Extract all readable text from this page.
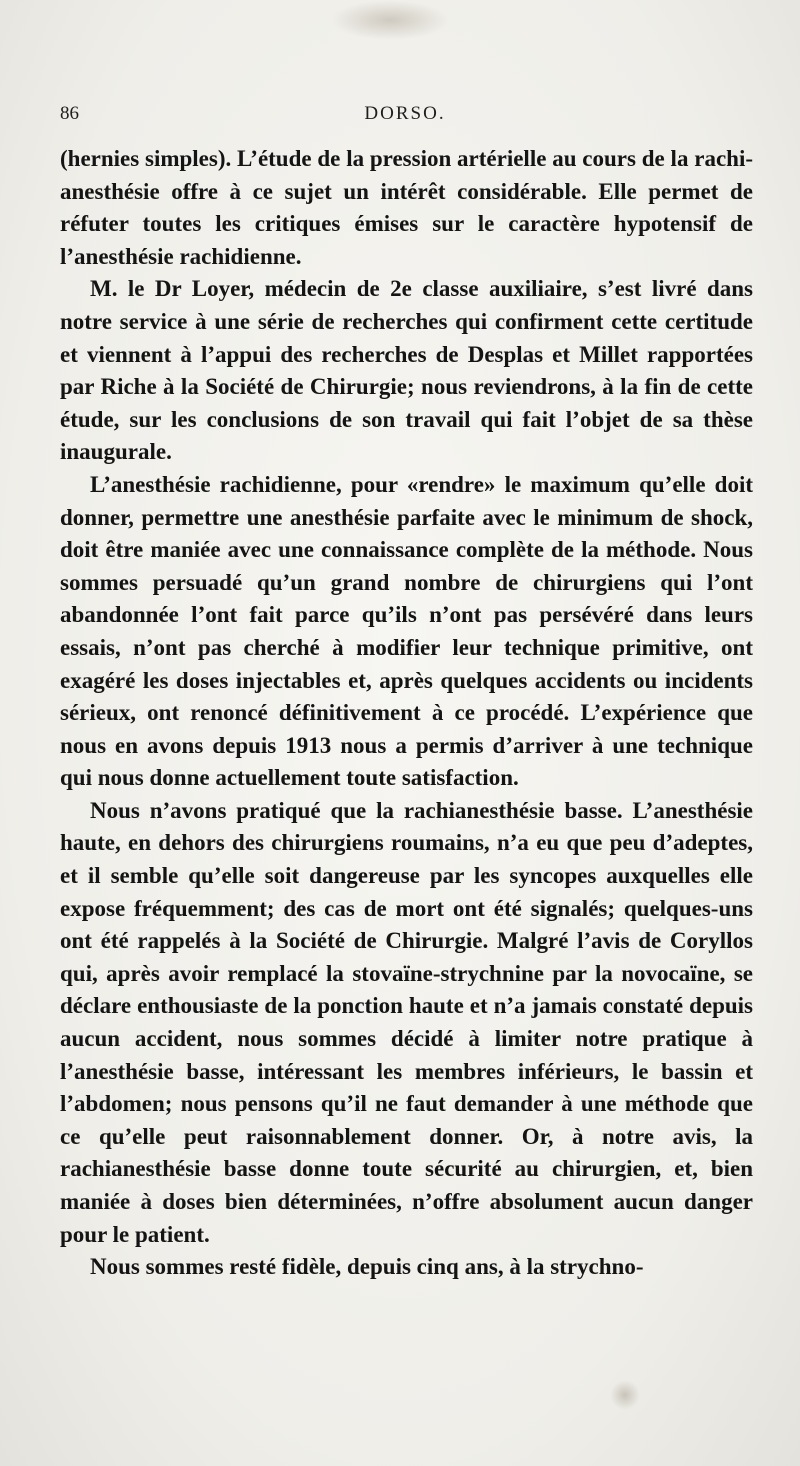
86	DORSO.

(hernies simples). L’étude de la pression artérielle au cours de la rachi-anesthésie offre à ce sujet un intérêt considérable. Elle permet de réfuter toutes les critiques émises sur le caractère hypotensif de l’anesthésie rachidienne.

M. le Dr Loyer, médecin de 2e classe auxiliaire, s’est livré dans notre service à une série de recherches qui confirment cette certitude et viennent à l’appui des recherches de Desplas et Millet rapportées par Riche à la Société de Chirurgie; nous reviendrons, à la fin de cette étude, sur les conclusions de son travail qui fait l’objet de sa thèse inaugurale.

L’anesthésie rachidienne, pour «rendre» le maximum qu’elle doit donner, permettre une anesthésie parfaite avec le minimum de shock, doit être maniée avec une connaissance complète de la méthode. Nous sommes persuadé qu’un grand nombre de chirurgiens qui l’ont abandonnée l’ont fait parce qu’ils n’ont pas persévéré dans leurs essais, n’ont pas cherché à modifier leur technique primitive, ont exagéré les doses injectables et, après quelques accidents ou incidents sérieux, ont renoncé définitivement à ce procédé. L’expérience que nous en avons depuis 1913 nous a permis d’arriver à une technique qui nous donne actuellement toute satisfaction.

Nous n’avons pratiqué que la rachianesthésie basse. L’anesthésie haute, en dehors des chirurgiens roumains, n’a eu que peu d’adeptes, et il semble qu’elle soit dangereuse par les syncopes auxquelles elle expose fréquemment; des cas de mort ont été signalés; quelques-uns ont été rappelés à la Société de Chirurgie. Malgré l’avis de Coryllos qui, après avoir remplacé la stovaïne-strychnine par la novocaïne, se déclare enthousiaste de la ponction haute et n’a jamais constaté depuis aucun accident, nous sommes décidé à limiter notre pratique à l’anesthésie basse, intéressant les membres inférieurs, le bassin et l’abdomen; nous pensons qu’il ne faut demander à une méthode que ce qu’elle peut raisonnablement donner. Or, à notre avis, la rachianesthésie basse donne toute sécurité au chirurgien, et, bien maniée à doses bien déterminées, n’offre absolument aucun danger pour le patient.

Nous sommes resté fidèle, depuis cinq ans, à la strychno-
